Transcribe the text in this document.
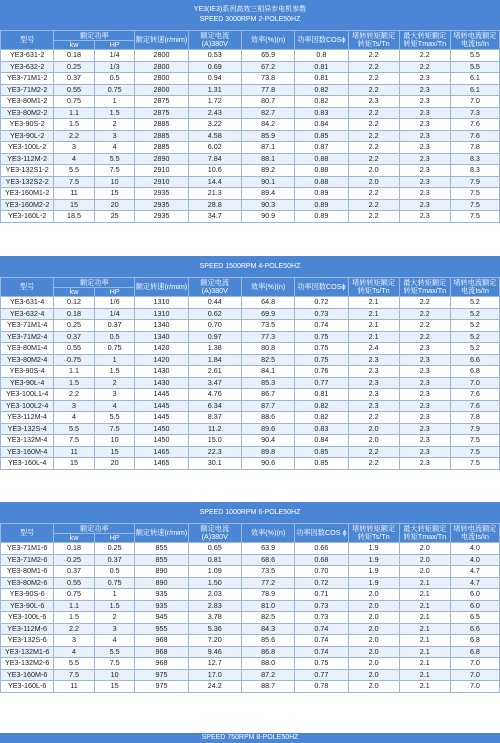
YE3(IE3)系列高效三相异步电机参数
SPEED 3000RPM 2-POLE50HZ
型号	额定功率		额定转速(r/mim)	额定电流(A)380V	效率(%)(n)	功率因数COSϕ	堵转转矩额定转矩Ts/Tn	最大转矩额定转矩Tmax/Tn	堵转电流额定电流Is/In
	kw	HP							
YE3-631-2	0.18	1/4	2800	0.53	65.9	0.8	2.2	2.2	5.5
YE3-632-2	0.25	1/3	2800	0.69	67.2	0.81	2.2	2.2	5.5
YE3-71M1-2	0.37	0.5	2800	0.94	73.8	0.81	2.2	2.3	6.1
YE3-71M2-2	0.55	0.75	2800	1.31	77.8	0.82	2.2	2.3	6.1
YE3-80M1-2	0.75	1	2875	1.72	80.7	0.82	2.3	2.3	7.0
YE3-80M2-2	1.1	1.5	2875	2.43	82.7	0.83	2.2	2.3	7.3
YE3-90S-2	1.5	2	2885	3.22	84.2	0.84	2.2	2.3	7.6
YE3-90L-2	2.2	3	2885	4.58	85.9	0.85	2.2	2.3	7.6
YE3-100L-2	3	4	2885	6.02	87.1	0.87	2.2	2.3	7.8
YE3-112M-2	4	5.5	2890	7.84	88.1	0.88	2.2	2.3	8.3
YE3-132S1-2	5.5	7.5	2910	10.6	89.2	0.88	2.0	2.3	8.3
YE3-132S2-2	7.5	10	2910	14.4	90.1	0.88	2.0	2.3	7.9
YE3-160M1-2	11	15	2935	21.3	89.4	0.89	2.2	2.3	7.5
YE3-160M2-2	15	20	2935	28.8	90.3	0.89	2.2	2.3	7.5
YE3-160L-2	18.5	25	2935	34.7	90.9	0.89	2.2	2.3	7.5
SPEED 1500RPM 4-POLE50HZ
型号	额定功率		额定转速(r/mim)	额定电流(A)380V	效率(%)(n)	功率因数COSϕ	堵转转矩额定转矩Ts/Tn	最大转矩额定转矩Tmax/Tn	堵转电流额定电流Is/In
	kw	HP							
YE3-631-4	0.12	1/6	1310	0.44	64.8	0.72	2.1	2.2	5.2
YE3-632-4	0.18	1/4	1310	0.62	69.9	0.73	2.1	2.2	5.2
YE3-71M1-4	0.25	0.37	1340	0.70	73.5	0.74	2.1	2.2	5.2
YE3-71M2-4	0.37	0.5	1340	0.97	77.3	0.75	2.1	2.2	5.2
YE3-80M1-4	0.55	0.75	1420	1.38	80.8	0.75	2.4	2.3	5.2
YE3-80M2-4	0.75	1	1420	1.84	82.5	0.75	2.3	2.3	6.6
YE3-90S-4	1.1	1.5	1430	2.61	84.1	0.76	2.3	2.3	6.8
YE3-90L-4	1.5	2	1430	3.47	85.3	0.77	2.3	2.3	7.0
YE3-100L1-4	2.2	3	1445	4.76	86.7	0.81	2.3	2.3	7.6
YE3-100L2-4	3	4	1445	6.34	87.7	0.82	2.3	2.3	7.6
YE3-112M-4	4	5.5	1445	8.37	88.6	0.82	2.2	2.3	7.8
YE3-132S-4	5.5	7.5	1450	11.2	89.6	0.83	2.0	2.3	7.9
YE3-132M-4	7.5	10	1450	15.0	90.4	0.84	2.0	2.3	7.5
YE3-160M-4	11	15	1465	22.3	89.8	0.85	2.2	2.3	7.5
YE3-160L-4	15	20	1465	30.1	90.6	0.85	2.2	2.3	7.5
SPEED 1000RPM 6-POLE50HZ
型号	额定功率		额定转速(r/mim)	额定电流(A)380V	效率(%)(n)	功率因数COS ϕ	堵转转矩额定转矩Ts/Tn	最大转矩额定转矩Tmax/Tn	堵转电流额定电流Is/In
	kw	HP							
YE3-71M1-6	0.18	0.25	855	0.65	63.9	0.66	1.9	2.0	4.0
YE3-71M2-6	0.25	0.37	855	0.81	68.6	0.68	1.9	2.0	4.0
YE3-80M1-6	0.37	0.5	890	1.09	73.5	0.70	1.9	2.0	4.7
YE3-80M2-6	0.55	0.75	890	1.50	77.2	0.72	1.9	2.1	4.7
YE3-90S-6	0.75	1	935	2.03	78.9	0.71	2.0	2.1	6.0
YE3-90L-6	1.1	1.5	935	2.83	81.0	0.73	2.0	2.1	6.0
YE3-100L-6	1.5	2	945	3.78	82.5	0.73	2.0	2.1	6.5
YE3-112M-6	2.2	3	955	5.36	84.3	0.74	2.0	2.1	6.6
YE3-132S-6	3	4	968	7.20	85.6	0.74	2.0	2.1	6.8
YE3-132M1-6	4	5.5	968	9.46	86.8	0.74	2.0	2.1	6.8
YE3-132M2-6	5.5	7.5	968	12.7	88.0	0.75	2.0	2.1	7.0
YE3-160M-6	7.5	10	975	17.0	87.2	0.77	2.0	2.1	7.0
YE3-160L-6	11	15	975	24.2	88.7	0.78	2.0	2.1	7.0
SPEED 750RPM 8-POLE50HZ
